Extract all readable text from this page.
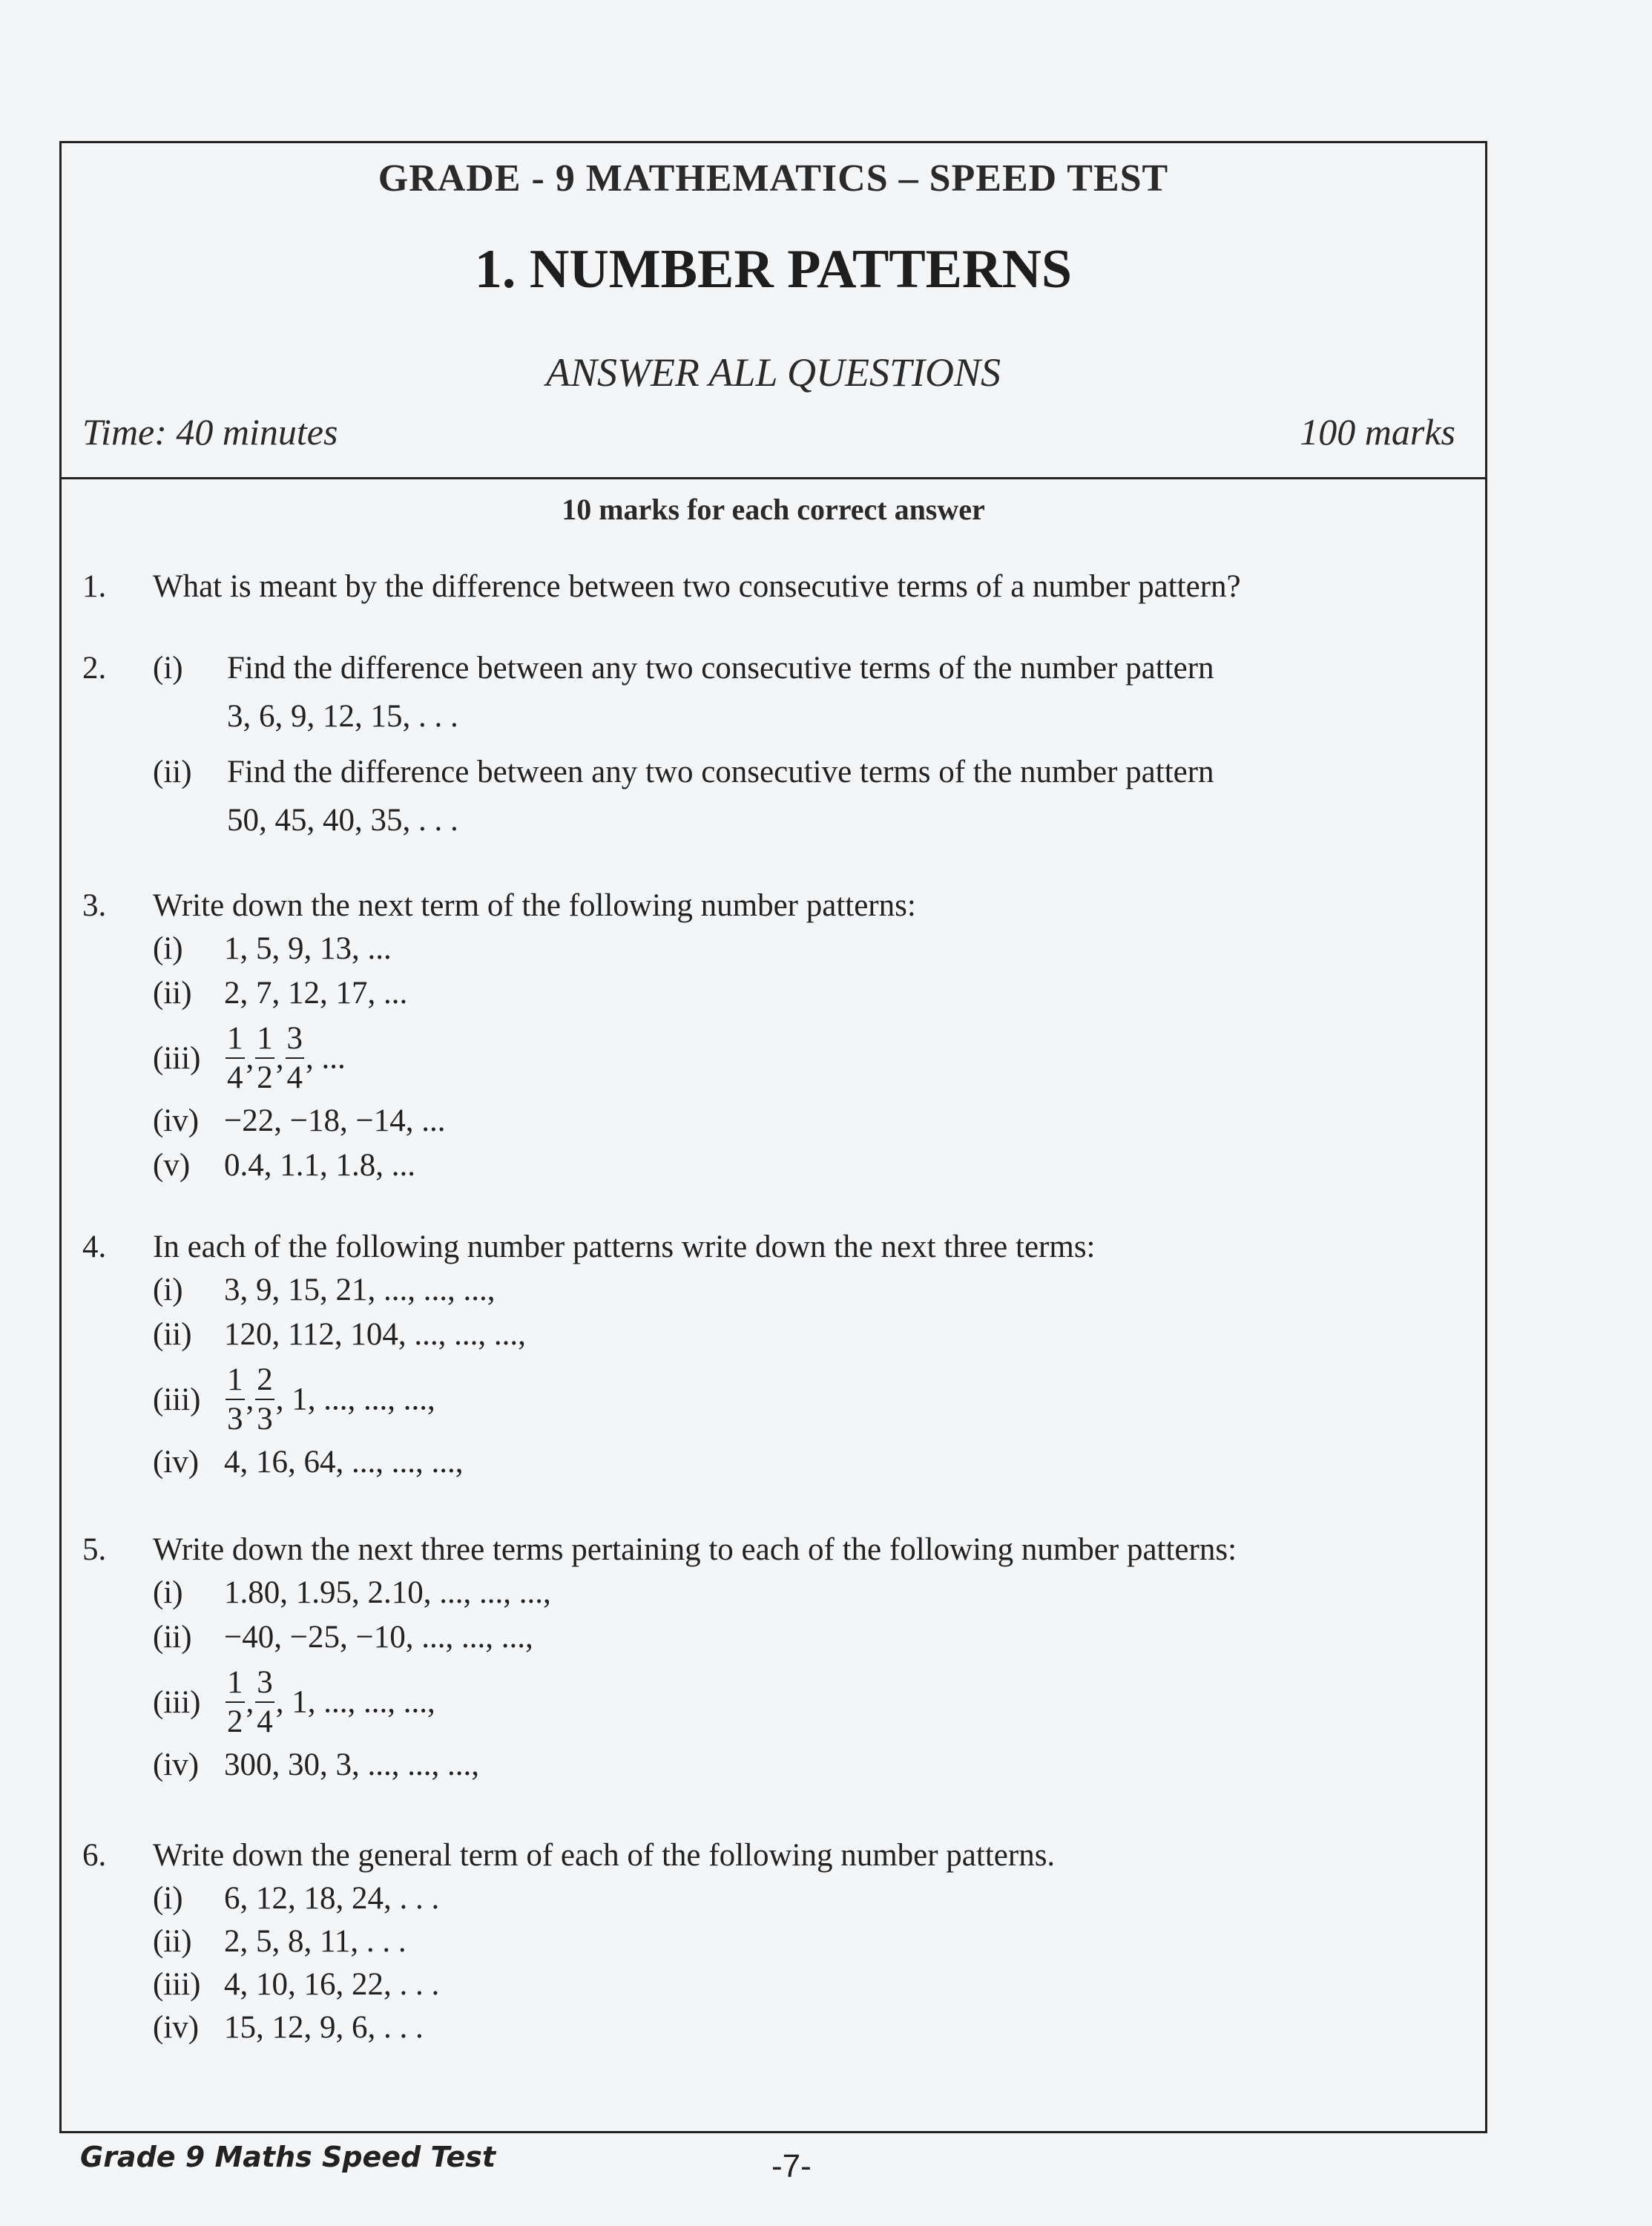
GRADE - 9 MATHEMATICS – SPEED TEST
1. NUMBER PATTERNS
ANSWER ALL QUESTIONS
Time: 40 minutes	100 marks
10 marks for each correct answer
1. What is meant by the difference between two consecutive terms of a number pattern?
2. (i) Find the difference between any two consecutive terms of the number pattern
3, 6, 9, 12, 15, . . .
(ii) Find the difference between any two consecutive terms of the number pattern
50, 45, 40, 35, . . .
3. Write down the next term of the following number patterns:
(i) 1, 5, 9, 13, ...
(ii) 2, 7, 12, 17, ...
$(iii) \frac{1}{4}$ , $\frac{1}{2}$ , $\frac{3}{4}$ , ...
(iv) −22, −18, −14, ...
(v) 0.4, 1.1, 1.8, ...
4. In each of the following number patterns write down the next three terms:
(i) 3, 9, 15, 21, ..., ..., ...,
(ii) 120, 112, 104, ..., ..., ...,
$(iii) \frac{1}{3}$ , $\frac{2}{3}$ , 1, ..., ..., ...,
(iv) 4, 16, 64, ..., ..., ...,
5. Write down the next three terms pertaining to each of the following number patterns:
(i) 1.80, 1.95, 2.10, ..., ..., ...,
(ii) −40, −25, −10, ..., ..., ...,
$(iii) \frac{1}{2}$ , $\frac{3}{4}$ , 1, ..., ..., ...,
(iv) 300, 30, 3, ..., ..., ...,
6. Write down the general term of each of the following number patterns.
(i) 6, 12, 18, 24, . . .
(ii) 2, 5, 8, 11, . . .
(iii) 4, 10, 16, 22, . . .
(iv) 15, 12, 9, 6, . . .
Grade 9 Maths Speed Test	-7-
